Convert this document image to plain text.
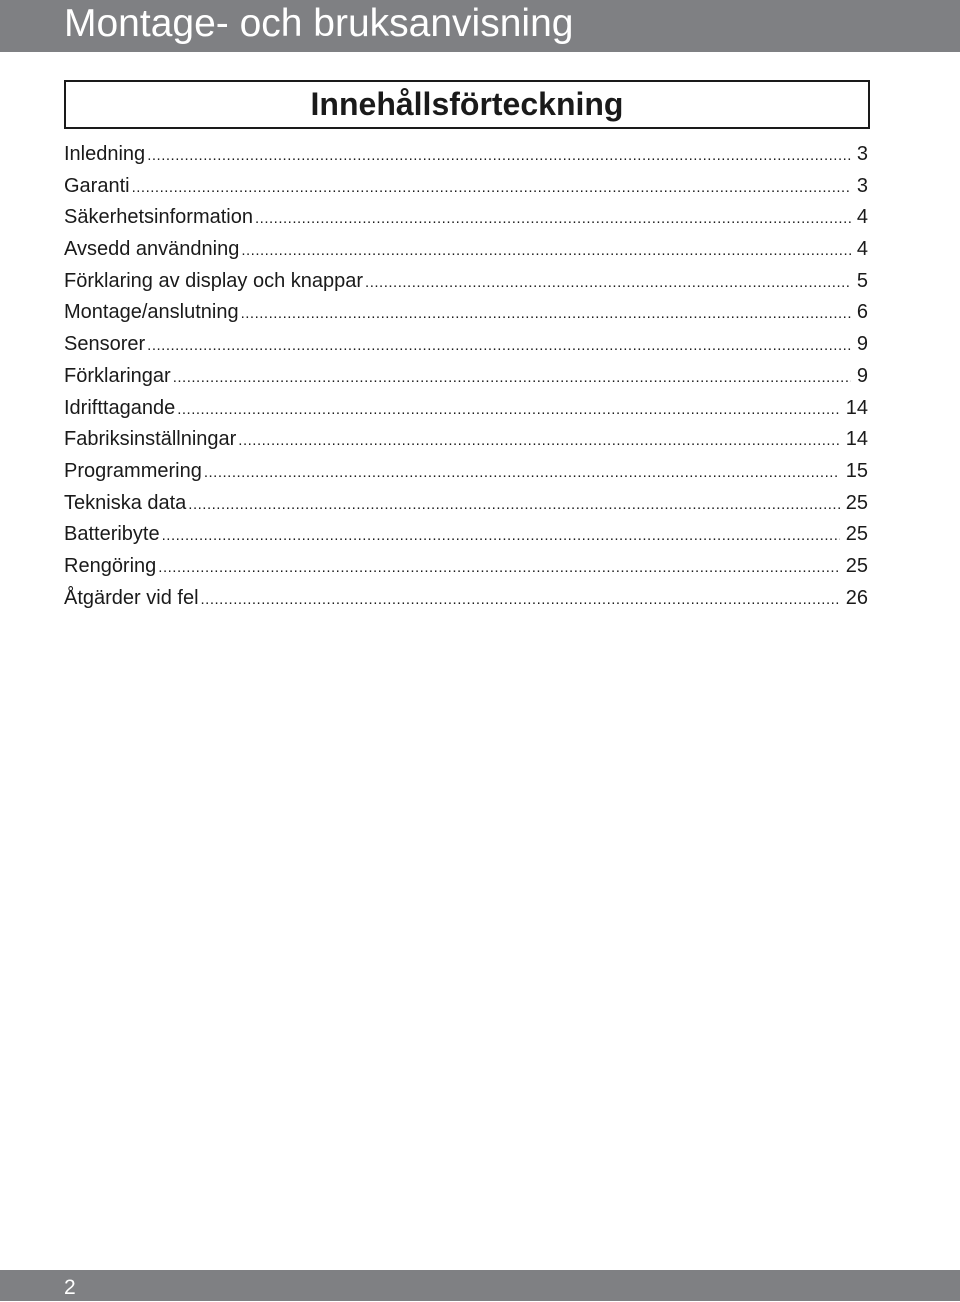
Montage- och bruksanvisning
Innehållsförteckning
Inledning .....	3
Garanti .....	3
Säkerhetsinformation .....	4
Avsedd användning .....	4
Förklaring av display och knappar .....	5
Montage/anslutning .....	6
Sensorer .....	9
Förklaringar .....	9
Idrifttagande .....	14
Fabriksinställningar .....	14
Programmering .....	15
Tekniska data .....	25
Batteribyte .....	25
Rengöring .....	25
Åtgärder vid fel .....	26
2
